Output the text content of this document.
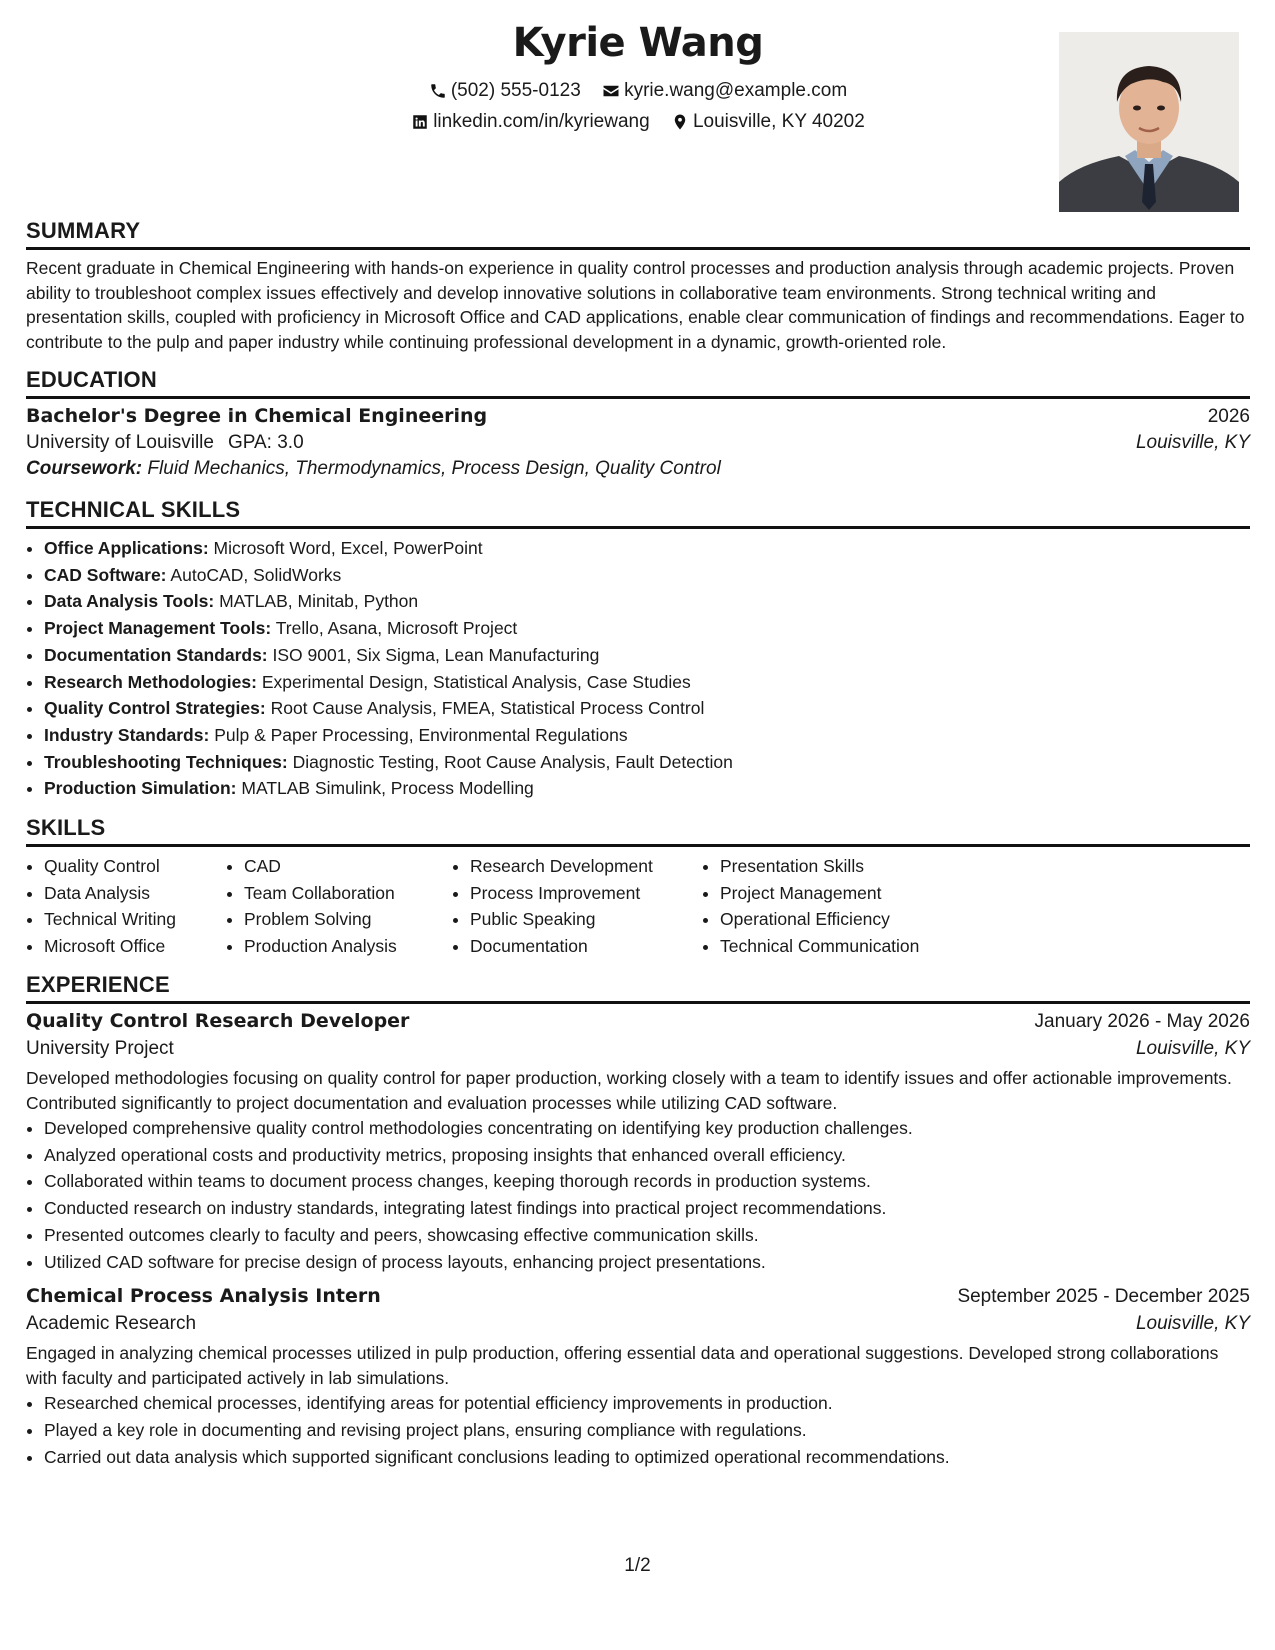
Kyrie Wang
(502) 555-0123
kyrie.wang@example.com
linkedin.com/in/kyriewang
Louisville, KY 40202
SUMMARY

Recent graduate in Chemical Engineering with hands-on experience in quality control processes and production analysis through academic projects. Proven ability to troubleshoot complex issues effectively and develop innovative solutions in collaborative team environments. Strong technical writing and presentation skills, coupled with proficiency in Microsoft Office and CAD applications, enable clear communication of findings and recommendations. Eager to contribute to the pulp and paper industry while continuing professional development in a dynamic, growth-oriented role.

EDUCATION
Bachelor's Degree in Chemical Engineering	2026
University of Louisville GPA: 3.0	Louisville, KY
Coursework: Fluid Mechanics, Thermodynamics, Process Design, Quality Control
TECHNICAL SKILLS
• Office Applications: Microsoft Word, Excel, PowerPoint
• CAD Software: AutoCAD, SolidWorks
• Data Analysis Tools: MATLAB, Minitab, Python
• Project Management Tools: Trello, Asana, Microsoft Project
• Documentation Standards: ISO 9001, Six Sigma, Lean Manufacturing
• Research Methodologies: Experimental Design, Statistical Analysis, Case Studies
• Quality Control Strategies: Root Cause Analysis, FMEA, Statistical Process Control
• Industry Standards: Pulp & Paper Processing, Environmental Regulations
• Troubleshooting Techniques: Diagnostic Testing, Root Cause Analysis, Fault Detection
• Production Simulation: MATLAB Simulink, Process Modelling
SKILLS
• Quality Control
• Data Analysis
• Technical Writing
• Microsoft Office
• CAD
• Team Collaboration
• Problem Solving
• Production Analysis
• Research Development
• Process Improvement
• Public Speaking
• Documentation
• Presentation Skills
• Project Management
• Operational Efficiency
• Technical Communication
EXPERIENCE
Quality Control Research Developer	January 2026 - May 2026
University Project	Louisville, KY

Developed methodologies focusing on quality control for paper production, working closely with a team to identify issues and offer actionable improvements. Contributed significantly to project documentation and evaluation processes while utilizing CAD software.

• Developed comprehensive quality control methodologies concentrating on identifying key production challenges.
• Analyzed operational costs and productivity metrics, proposing insights that enhanced overall efficiency.
• Collaborated within teams to document process changes, keeping thorough records in production systems.
• Conducted research on industry standards, integrating latest findings into practical project recommendations.
• Presented outcomes clearly to faculty and peers, showcasing effective communication skills.
• Utilized CAD software for precise design of process layouts, enhancing project presentations.
Chemical Process Analysis Intern	September 2025 - December 2025
Academic Research	Louisville, KY

Engaged in analyzing chemical processes utilized in pulp production, offering essential data and operational suggestions. Developed strong collaborations with faculty and participated actively in lab simulations.

• Researched chemical processes, identifying areas for potential efficiency improvements in production.
• Played a key role in documenting and revising project plans, ensuring compliance with regulations.
• Carried out data analysis which supported significant conclusions leading to optimized operational recommendations.
1/2
